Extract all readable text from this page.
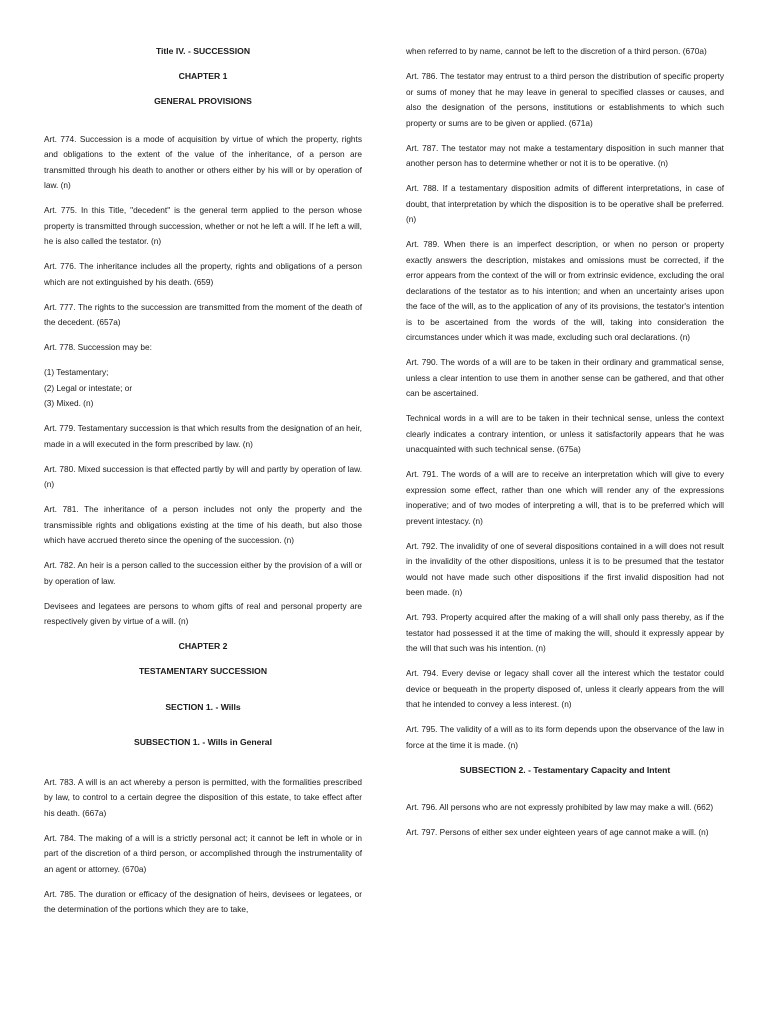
Title IV. - SUCCESSION

CHAPTER 1

GENERAL PROVISIONS

Art. 774. Succession is a mode of acquisition by virtue of which the property, rights and obligations to the extent of the value of the inheritance, of a person are transmitted through his death to another or others either by his will or by operation of law. (n)

Art. 775. In this Title, "decedent" is the general term applied to the person whose property is transmitted through succession, whether or not he left a will. If he left a will, he is also called the testator. (n)

Art. 776. The inheritance includes all the property, rights and obligations of a person which are not extinguished by his death. (659)

Art. 777. The rights to the succession are transmitted from the moment of the death of the decedent. (657a)

Art. 778. Succession may be:

(1) Testamentary;

(2) Legal or intestate; or

(3) Mixed. (n)

Art. 779. Testamentary succession is that which results from the designation of an heir, made in a will executed in the form prescribed by law. (n)

Art. 780. Mixed succession is that effected partly by will and partly by operation of law. (n)

Art. 781. The inheritance of a person includes not only the property and the transmissible rights and obligations existing at the time of his death, but also those which have accrued thereto since the opening of the succession. (n)

Art. 782. An heir is a person called to the succession either by the provision of a will or by operation of law.

Devisees and legatees are persons to whom gifts of real and personal property are respectively given by virtue of a will. (n)

CHAPTER 2

TESTAMENTARY SUCCESSION

SECTION 1. - Wills

SUBSECTION 1. - Wills in General

Art. 783. A will is an act whereby a person is permitted, with the formalities prescribed by law, to control to a certain degree the disposition of this estate, to take effect after his death. (667a)

Art. 784. The making of a will is a strictly personal act; it cannot be left in whole or in part of the discretion of a third person, or accomplished through the instrumentality of an agent or attorney. (670a)

Art. 785. The duration or efficacy of the designation of heirs, devisees or legatees, or the determination of the portions which they are to take,

when referred to by name, cannot be left to the discretion of a third person. (670a)

Art. 786. The testator may entrust to a third person the distribution of specific property or sums of money that he may leave in general to specified classes or causes, and also the designation of the persons, institutions or establishments to which such property or sums are to be given or applied. (671a)

Art. 787. The testator may not make a testamentary disposition in such manner that another person has to determine whether or not it is to be operative. (n)

Art. 788. If a testamentary disposition admits of different interpretations, in case of doubt, that interpretation by which the disposition is to be operative shall be preferred. (n)

Art. 789. When there is an imperfect description, or when no person or property exactly answers the description, mistakes and omissions must be corrected, if the error appears from the context of the will or from extrinsic evidence, excluding the oral declarations of the testator as to his intention; and when an uncertainty arises upon the face of the will, as to the application of any of its provisions, the testator's intention is to be ascertained from the words of the will, taking into consideration the circumstances under which it was made, excluding such oral declarations. (n)

Art. 790. The words of a will are to be taken in their ordinary and grammatical sense, unless a clear intention to use them in another sense can be gathered, and that other can be ascertained.

Technical words in a will are to be taken in their technical sense, unless the context clearly indicates a contrary intention, or unless it satisfactorily appears that he was unacquainted with such technical sense. (675a)

Art. 791. The words of a will are to receive an interpretation which will give to every expression some effect, rather than one which will render any of the expressions inoperative; and of two modes of interpreting a will, that is to be preferred which will prevent intestacy. (n)

Art. 792. The invalidity of one of several dispositions contained in a will does not result in the invalidity of the other dispositions, unless it is to be presumed that the testator would not have made such other dispositions if the first invalid disposition had not been made. (n)

Art. 793. Property acquired after the making of a will shall only pass thereby, as if the testator had possessed it at the time of making the will, should it expressly appear by the will that such was his intention. (n)

Art. 794. Every devise or legacy shall cover all the interest which the testator could device or bequeath in the property disposed of, unless it clearly appears from the will that he intended to convey a less interest. (n)

Art. 795. The validity of a will as to its form depends upon the observance of the law in force at the time it is made. (n)

SUBSECTION 2. - Testamentary Capacity and Intent

Art. 796. All persons who are not expressly prohibited by law may make a will. (662)

Art. 797. Persons of either sex under eighteen years of age cannot make a will. (n)
